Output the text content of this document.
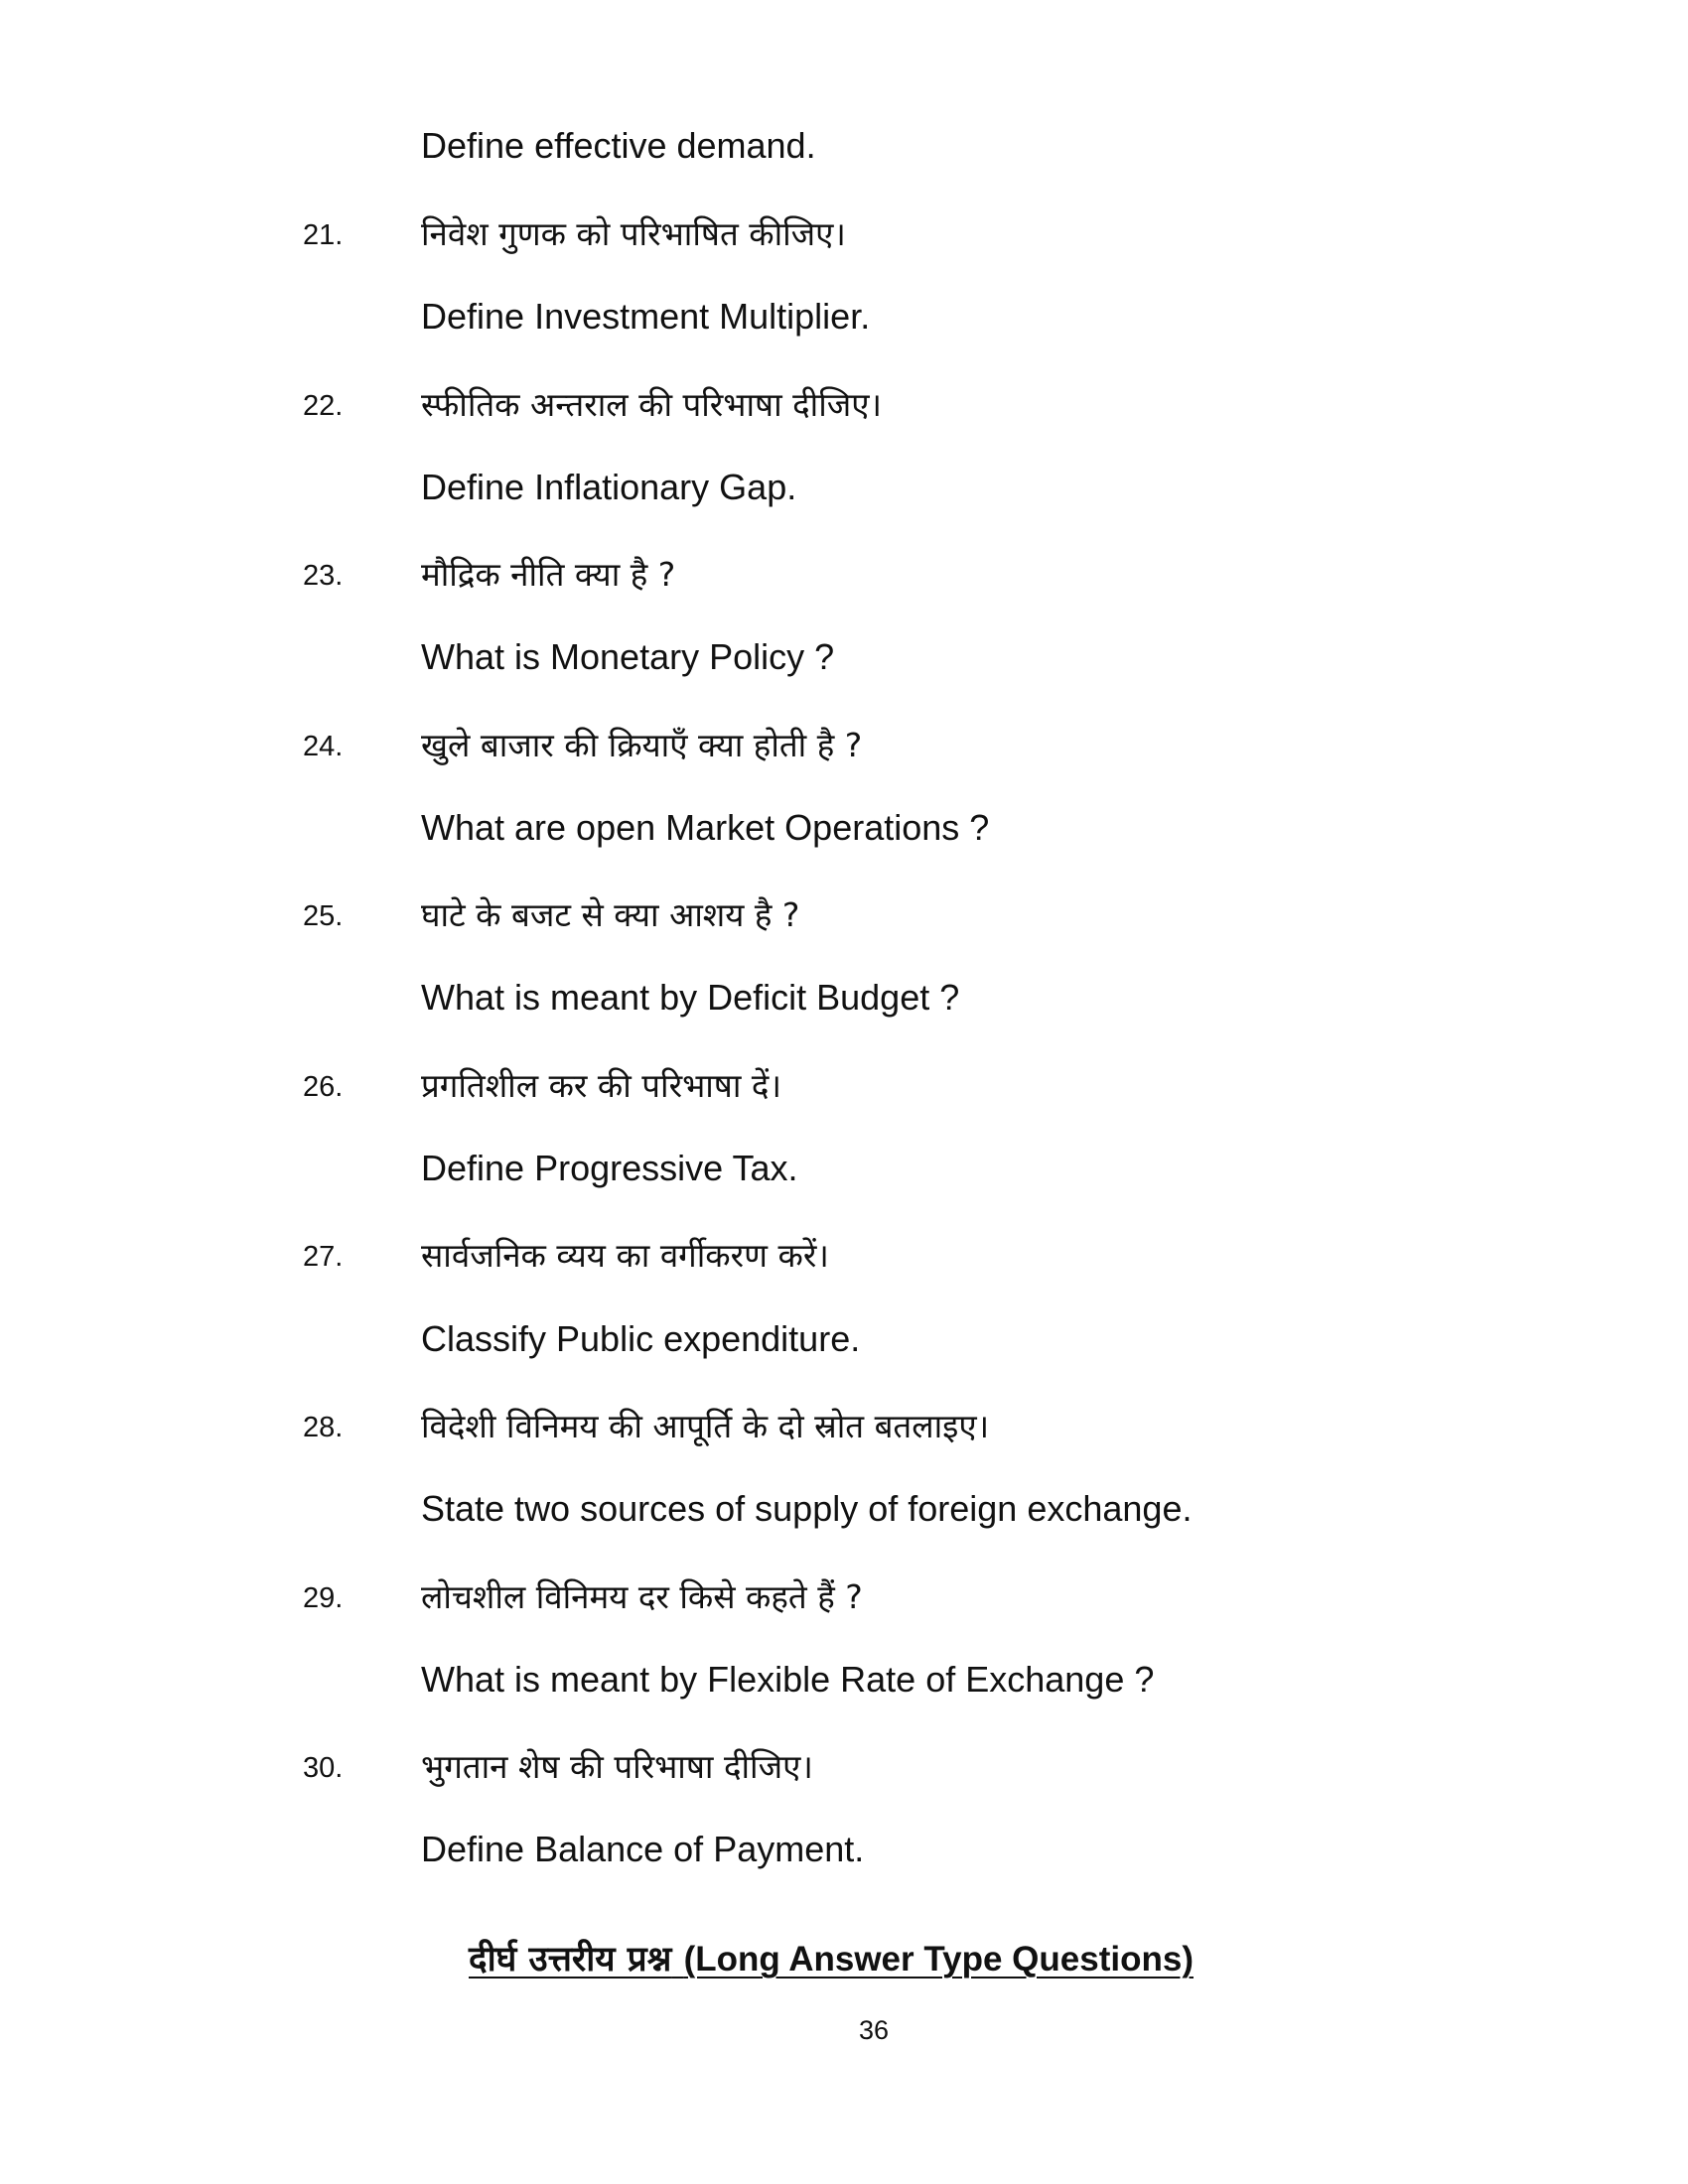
Define effective demand.
21. निवेश गुणक को परिभाषित कीजिए।
Define Investment Multiplier.
22. स्फीतिक अन्तराल की परिभाषा दीजिए।
Define Inflationary Gap.
23. मौद्रिक नीति क्या है ?
What is Monetary Policy ?
24. खुले बाजार की क्रियाएँ क्या होती है ?
What are open Market Operations ?
25. घाटे के बजट से क्या आशय है ?
What is meant by Deficit Budget ?
26. प्रगतिशील कर की परिभाषा दें।
Define Progressive Tax.
27. सार्वजनिक व्यय का वर्गीकरण करें।
Classify Public expenditure.
28. विदेशी विनिमय की आपूर्ति के दो स्रोत बतलाइए।
State two sources of supply of foreign exchange.
29. लोचशील विनिमय दर किसे कहते हैं ?
What is meant by Flexible Rate of Exchange ?
30. भुगतान शेष की परिभाषा दीजिए।
Define Balance of Payment.
दीर्घ उत्तरीय प्रश्न (Long Answer Type Questions)
36
